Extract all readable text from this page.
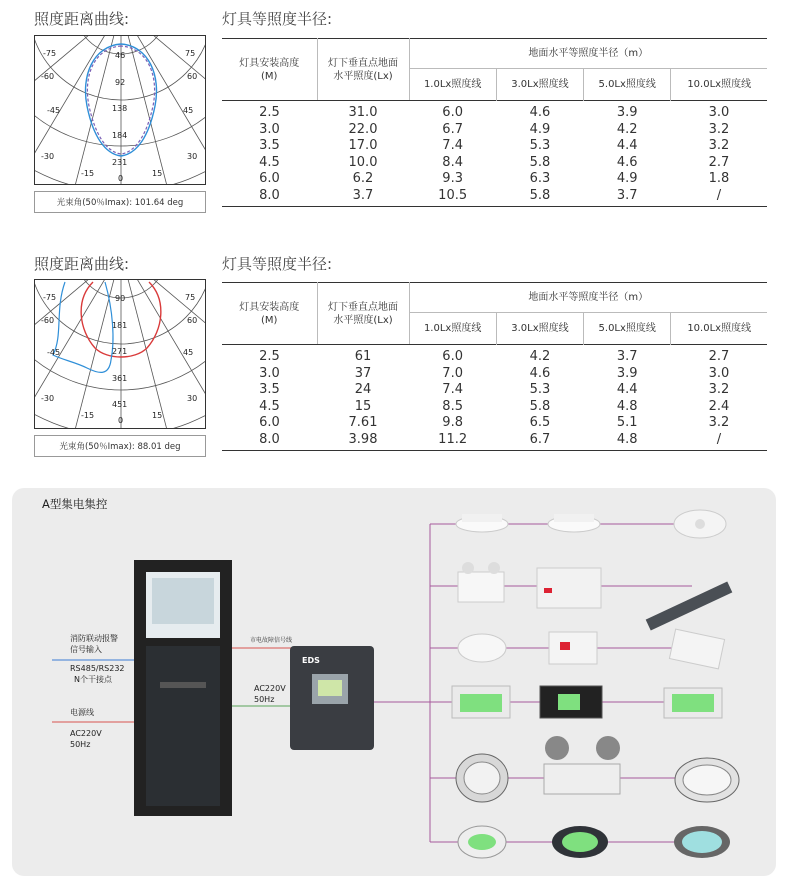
照度距离曲线:	灯具等照度半径:
-75
-60
-45
-30
75
60
45
30
46
92
138
184
231
-15
0
15
光束角(50％Imax): 101.64 deg
灯具安装高度(M)	灯下垂直点地面水平照度(Lx)	地面水平等照度半径（m）			
		1.0Lx照度线	3.0Lx照度线	5.0Lx照度线	10.0Lx照度线
2.5	31.0	6.0	4.6	3.9	3.0
3.0	22.0	6.7	4.9	4.2	3.2
3.5	17.0	7.4	5.3	4.4	3.2
4.5	10.0	8.4	5.8	4.6	2.7
6.0	6.2	9.3	6.3	4.9	1.8
8.0	3.7	10.5	5.8	3.7	/
照度距离曲线:	灯具等照度半径:
-75
-60
-45
-30
75
60
45
30
90
181
271
361
451
-15
0
15
光束角(50％Imax): 88.01 deg
灯具安装高度(M)	灯下垂直点地面水平照度(Lx)	地面水平等照度半径（m）			
		1.0Lx照度线	3.0Lx照度线	5.0Lx照度线	10.0Lx照度线
2.5	61	6.0	4.2	3.7	2.7
3.0	37	7.0	4.6	3.9	3.0
3.5	24	7.4	5.3	4.4	3.2
4.5	15	8.5	5.8	4.8	2.4
6.0	7.61	9.8	6.5	5.1	3.2
8.0	3.98	11.2	6.7	4.8	/
A型集电集控
消防联动报警
信号输入
RS485/RS232
N个干接点
电源线
AC220V
50Hz
市电故障信号线
AC220V
50Hz
EDS
